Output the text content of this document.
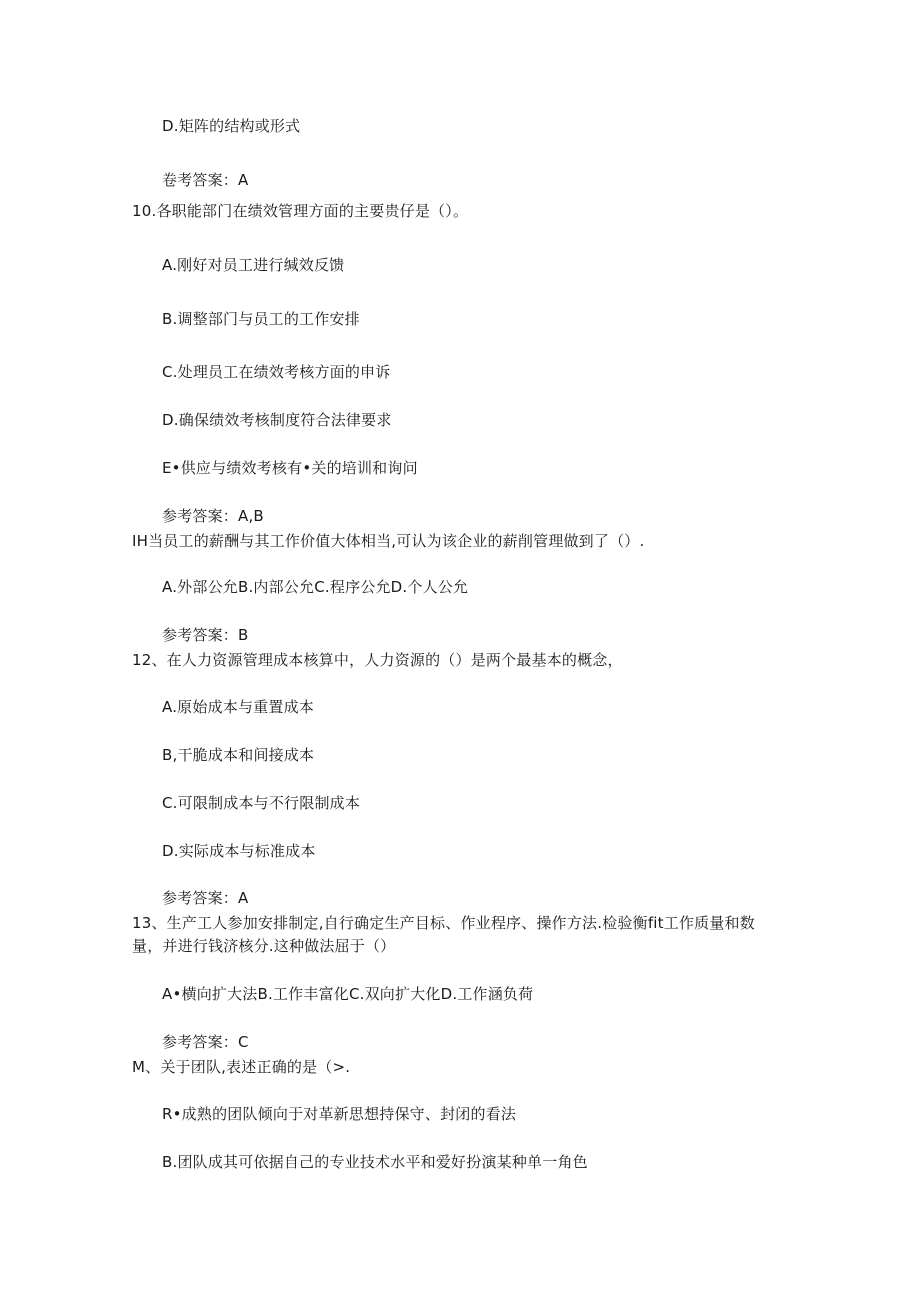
D.矩阵的结构或形式
卷考答案：A
10.各职能部门在绩效管理方面的主要贵仔是（）。
A.刚好对员工进行缄效反馈
B.调整部门与员工的工作安排
C.处理员工在绩效考核方面的申诉
D.确保绩效考核制度符合法律要求
E•供应与绩效考核有•关的培训和询问
参考答案：A,B
IH当员工的薪酬与其工作价值大体相当,可认为该企业的薪削管理做到了（）.
A.外部公允B.内部公允C.程序公允D.个人公允
参考答案：B
12、在人力资源管理成本核算中，人力资源的（）是两个最基本的概念，
A.原始成本与重置成本
B,干脆成本和间接成本
C.可限制成本与不行限制成本
D.实际成本与标准成本
参考答案：A
13、生产工人参加安排制定,自行确定生产目标、作业程序、操作方法.检验衡fit工作质量和数
量，并进行钱济核分.这种做法屈于（）
A•横向扩大法B.工作丰富化C.双向扩大化D.工作涵负荷
参考答案：C
M、关于团队,表述正确的是（>.
R•成熟的团队倾向于对革新思想持保守、封闭的看法
B.团队成其可依据自己的专业技术水平和爱好扮演某种单一角色
